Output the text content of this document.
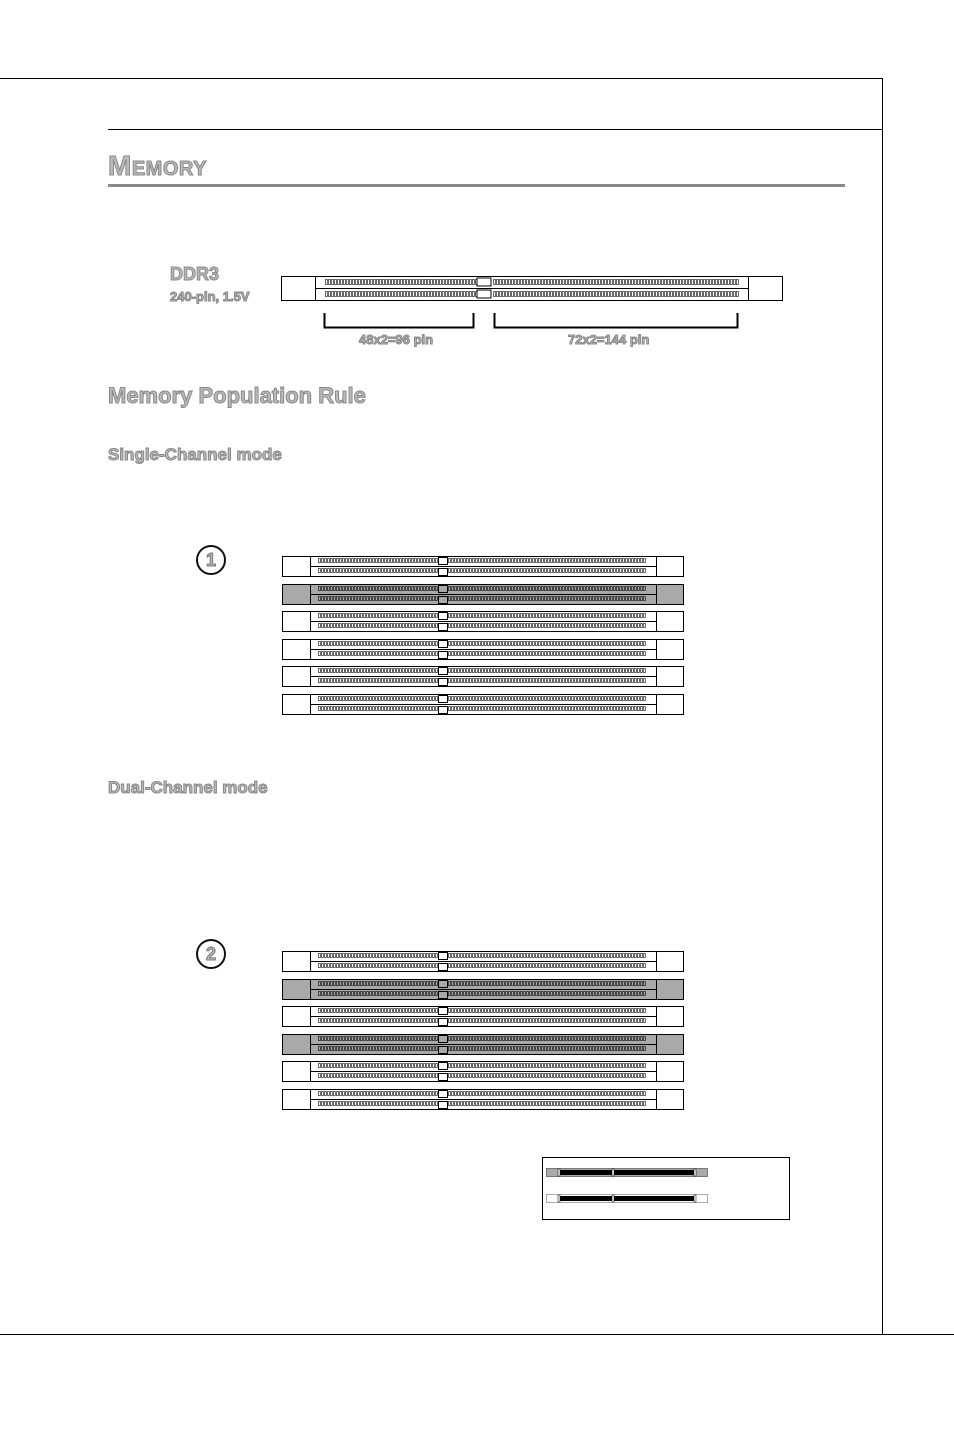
MEMORY
DDR3
240-pin, 1.5V
48x2=96 pin	72x2=144 pin
Memory Population Rule
Single-Channel mode
1
Dual-Channel mode
2
